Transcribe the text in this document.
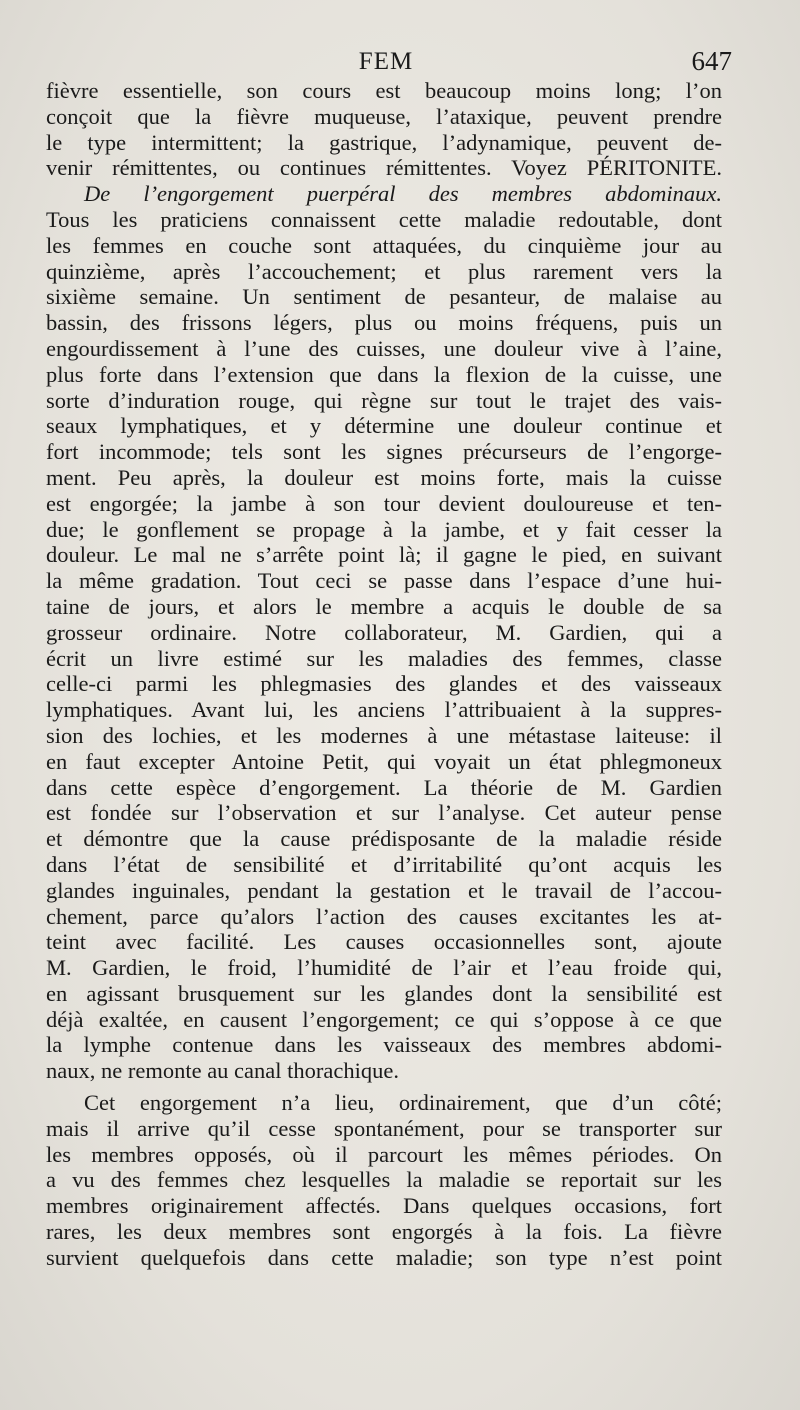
FEM	647
fièvre essentielle, son cours est beaucoup moins long; l’on
conçoit que la fièvre muqueuse, l’ataxique, peuvent prendre
le type intermittent; la gastrique, l’adynamique, peuvent de-
venir rémittentes, ou continues rémittentes. Voyez PÉRITONITE.
De l’engorgement puerpéral des membres abdominaux.
Tous les praticiens connaissent cette maladie redoutable, dont
les femmes en couche sont attaquées, du cinquième jour au
quinzième, après l’accouchement; et plus rarement vers la
sixième semaine. Un sentiment de pesanteur, de malaise au
bassin, des frissons légers, plus ou moins fréquens, puis un
engourdissement à l’une des cuisses, une douleur vive à l’aine,
plus forte dans l’extension que dans la flexion de la cuisse, une
sorte d’induration rouge, qui règne sur tout le trajet des vais-
seaux lymphatiques, et y détermine une douleur continue et
fort incommode; tels sont les signes précurseurs de l’engorge-
ment. Peu après, la douleur est moins forte, mais la cuisse
est engorgée; la jambe à son tour devient douloureuse et ten-
due; le gonflement se propage à la jambe, et y fait cesser la
douleur. Le mal ne s’arrête point là; il gagne le pied, en suivant
la même gradation. Tout ceci se passe dans l’espace d’une hui-
taine de jours, et alors le membre a acquis le double de sa
grosseur ordinaire. Notre collaborateur, M. Gardien, qui a
écrit un livre estimé sur les maladies des femmes, classe
celle-ci parmi les phlegmasies des glandes et des vaisseaux
lymphatiques. Avant lui, les anciens l’attribuaient à la suppres-
sion des lochies, et les modernes à une métastase laiteuse: il
en faut excepter Antoine Petit, qui voyait un état phlegmoneux
dans cette espèce d’engorgement. La théorie de M. Gardien
est fondée sur l’observation et sur l’analyse. Cet auteur pense
et démontre que la cause prédisposante de la maladie réside
dans l’état de sensibilité et d’irritabilité qu’ont acquis les
glandes inguinales, pendant la gestation et le travail de l’accou-
chement, parce qu’alors l’action des causes excitantes les at-
teint avec facilité. Les causes occasionnelles sont, ajoute
M. Gardien, le froid, l’humidité de l’air et l’eau froide qui,
en agissant brusquement sur les glandes dont la sensibilité est
déjà exaltée, en causent l’engorgement; ce qui s’oppose à ce que
la lymphe contenue dans les vaisseaux des membres abdomi-
naux, ne remonte au canal thorachique.
Cet engorgement n’a lieu, ordinairement, que d’un côté;
mais il arrive qu’il cesse spontanément, pour se transporter sur
les membres opposés, où il parcourt les mêmes périodes. On
a vu des femmes chez lesquelles la maladie se reportait sur les
membres originairement affectés. Dans quelques occasions, fort
rares, les deux membres sont engorgés à la fois. La fièvre
survient quelquefois dans cette maladie; son type n’est point
